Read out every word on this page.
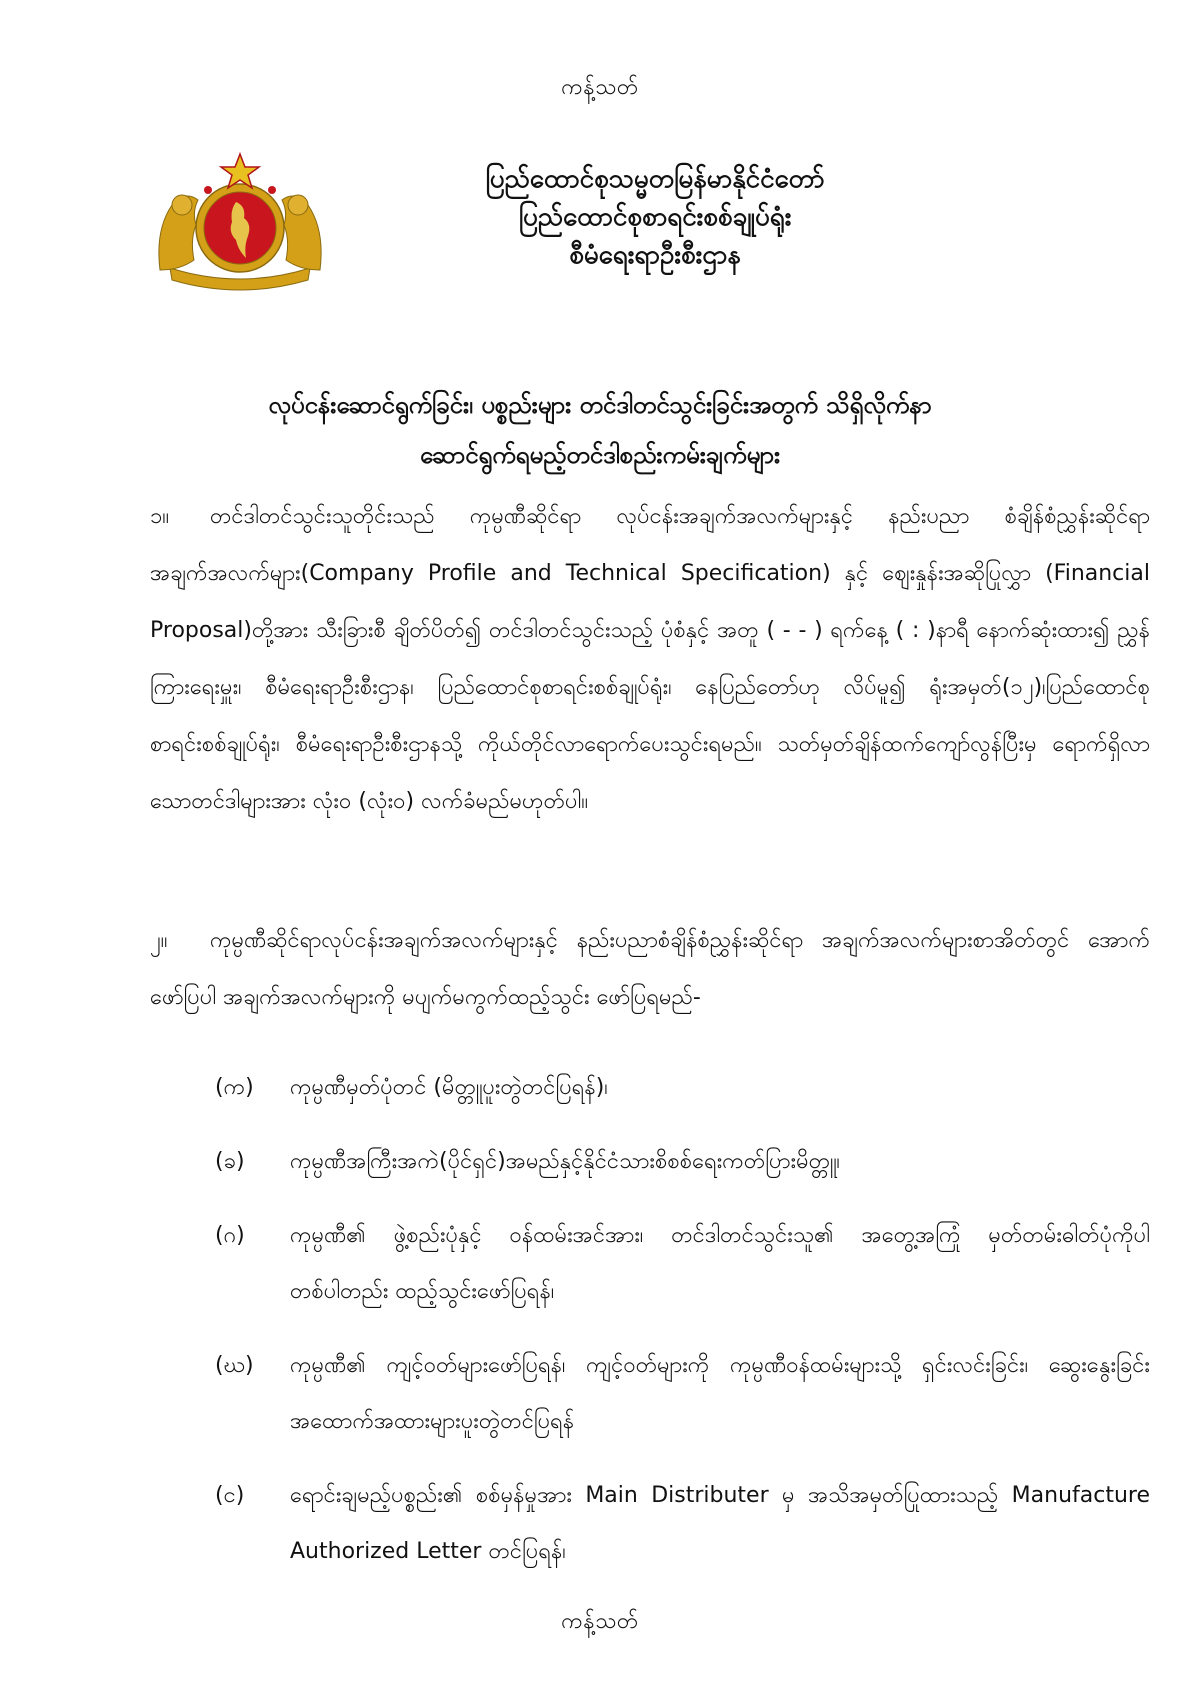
ကန့်သတ်
ပြည်ထောင်စုသမ္မတမြန်မာနိုင်ငံတော်
ပြည်ထောင်စုစာရင်းစစ်ချုပ်ရုံး
စီမံရေးရာဦးစီးဌာန
လုပ်ငန်းဆောင်ရွက်ခြင်း၊ ပစ္စည်းများ တင်ဒါတင်သွင်းခြင်းအတွက် သိရှိလိုက်နာ
ဆောင်ရွက်ရမည့်တင်ဒါစည်းကမ်းချက်များ
၁။ တင်ဒါတင်သွင်းသူတိုင်းသည် ကုမ္ပဏီဆိုင်ရာ လုပ်ငန်းအချက်အလက်များနှင့် နည်းပညာ စံချိန်စံညွှန်းဆိုင်ရာအချက်အလက်များ(Company Profile and Technical Specification) နှင့် ဈေးနှုန်းအဆိုပြုလွှာ (Financial Proposal)တို့အား သီးခြားစီ ချိတ်ပိတ်၍ တင်ဒါတင်သွင်းသည့် ပုံစံနှင့် အတူ ( - - ) ရက်နေ့ ( : )နာရီ နောက်ဆုံးထား၍ ညွှန်ကြားရေးမှူး၊ စီမံရေးရာဦးစီးဌာန၊ ပြည်ထောင်စုစာရင်းစစ်ချုပ်ရုံး၊ နေပြည်တော်ဟု လိပ်မူ၍ ရုံးအမှတ်(၁၂)၊ပြည်ထောင်စုစာရင်းစစ်ချုပ်ရုံး၊ စီမံရေးရာဦးစီးဌာနသို့ ကိုယ်တိုင်လာရောက်ပေးသွင်းရမည်။ သတ်မှတ်ချိန်ထက်ကျော်လွန်ပြီးမှ ရောက်ရှိလာသောတင်ဒါများအား လုံး၀ (လုံး၀) လက်ခံမည်မဟုတ်ပါ။
၂။ ကုမ္ပဏီဆိုင်ရာလုပ်ငန်းအချက်အလက်များနှင့် နည်းပညာစံချိန်စံညွှန်းဆိုင်ရာ အချက်အလက်များစာအိတ်တွင် အောက်ဖော်ပြပါ အချက်အလက်များကို မပျက်မကွက်ထည့်သွင်း ဖော်ပြရမည်-
(က) ကုမ္ပဏီမှတ်ပုံတင် (မိတ္တူပူးတွဲတင်ပြရန်)၊
(ခ) ကုမ္ပဏီအကြီးအကဲ(ပိုင်ရှင်)အမည်နှင့်နိုင်ငံသားစိစစ်ရေးကတ်ပြားမိတ္တူ၊
(ဂ) ကုမ္ပဏီ၏ ဖွဲ့စည်းပုံနှင့် ဝန်ထမ်းအင်အား၊ တင်ဒါတင်သွင်းသူ၏ အတွေ့အကြုံ မှတ်တမ်းဓါတ်ပုံကိုပါ တစ်ပါတည်း ထည့်သွင်းဖော်ပြရန်၊
(ဃ) ကုမ္ပဏီ၏ ကျင့်ဝတ်များဖော်ပြရန်၊ ကျင့်ဝတ်များကို ကုမ္ပဏီဝန်ထမ်းများသို့ ရှင်းလင်းခြင်း၊ ဆွေးနွေးခြင်း အထောက်အထားများပူးတွဲတင်ပြရန်
(င) ရောင်းချမည့်ပစ္စည်း၏ စစ်မှန်မှုအား Main Distributer မှ အသိအမှတ်ပြုထားသည့် Manufacture Authorized Letter တင်ပြရန်၊
ကန့်သတ်
